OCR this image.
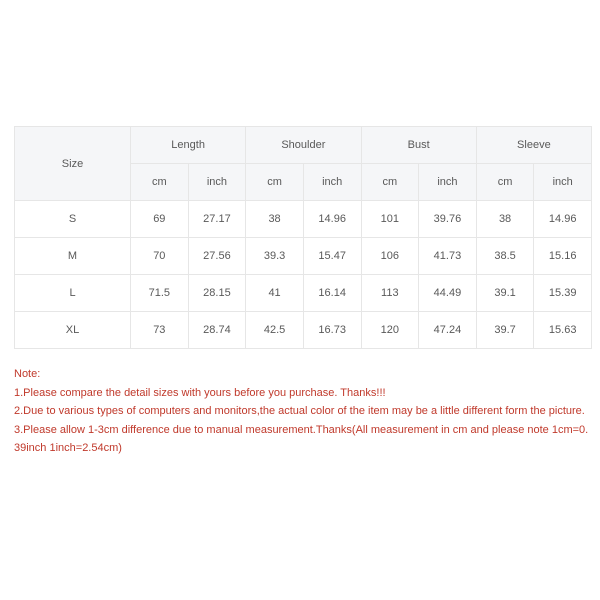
Size	Length		Shoulder		Bust		Sleeve	
	cm	inch	cm	inch	cm	inch	cm	inch
S	69	27.17	38	14.96	101	39.76	38	14.96
M	70	27.56	39.3	15.47	106	41.73	38.5	15.16
L	71.5	28.15	41	16.14	113	44.49	39.1	15.39
XL	73	28.74	42.5	16.73	120	47.24	39.7	15.63
Note:
1.Please compare the detail sizes with yours before you purchase. Thanks!!!
2.Due to various types of computers and monitors,the actual color of the item may be a little different form the picture.
3.Please allow 1-3cm difference due to manual measurement.Thanks(All measurement in cm and please note 1cm=0.39inch 1inch=2.54cm)
